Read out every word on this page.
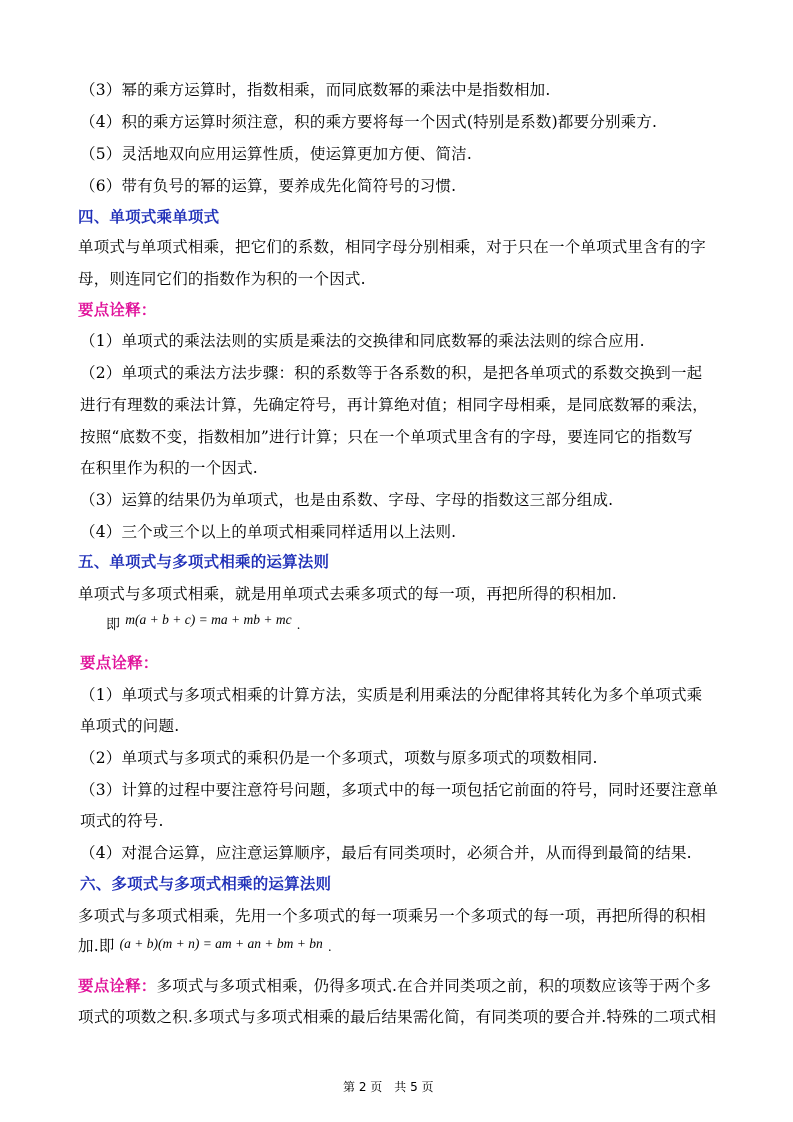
（3）幂的乘方运算时，指数相乘，而同底数幂的乘法中是指数相加.
（4）积的乘方运算时须注意，积的乘方要将每一个因式(特别是系数)都要分别乘方.
（5）灵活地双向应用运算性质，使运算更加方便、简洁.
（6）带有负号的幂的运算，要养成先化简符号的习惯.
四、单项式乘单项式
单项式与单项式相乘，把它们的系数，相同字母分别相乘，对于只在一个单项式里含有的字
母，则连同它们的指数作为积的一个因式.
要点诠释：
（1）单项式的乘法法则的实质是乘法的交换律和同底数幂的乘法法则的综合应用.
（2）单项式的乘法方法步骤：积的系数等于各系数的积，是把各单项式的系数交换到一起
进行有理数的乘法计算，先确定符号，再计算绝对值；相同字母相乘，是同底数幂的乘法，
按照“底数不变，指数相加”进行计算；只在一个单项式里含有的字母，要连同它的指数写
在积里作为积的一个因式.
（3）运算的结果仍为单项式，也是由系数、字母、字母的指数这三部分组成.
（4）三个或三个以上的单项式相乘同样适用以上法则.
五、单项式与多项式相乘的运算法则
单项式与多项式相乘，就是用单项式去乘多项式的每一项，再把所得的积相加.
即 $^{m(a + b + c) = ma + mb + mc}$ .
要点诠释：
（1）单项式与多项式相乘的计算方法，实质是利用乘法的分配律将其转化为多个单项式乘
单项式的问题.
（2）单项式与多项式的乘积仍是一个多项式，项数与原多项式的项数相同.
（3）计算的过程中要注意符号问题，多项式中的每一项包括它前面的符号，同时还要注意单
项式的符号.
（4）对混合运算，应注意运算顺序，最后有同类项时，必须合并，从而得到最简的结果.
六、多项式与多项式相乘的运算法则
多项式与多项式相乘，先用一个多项式的每一项乘另一个多项式的每一项，再把所得的积相
加.即 (a + b)(m + n) = am + an + bm + bn .
要点诠释：多项式与多项式相乘，仍得多项式.在合并同类项之前，积的项数应该等于两个多
项式的项数之积.多项式与多项式相乘的最后结果需化简，有同类项的要合并.特殊的二项式相
第 2 页　共 5 页
